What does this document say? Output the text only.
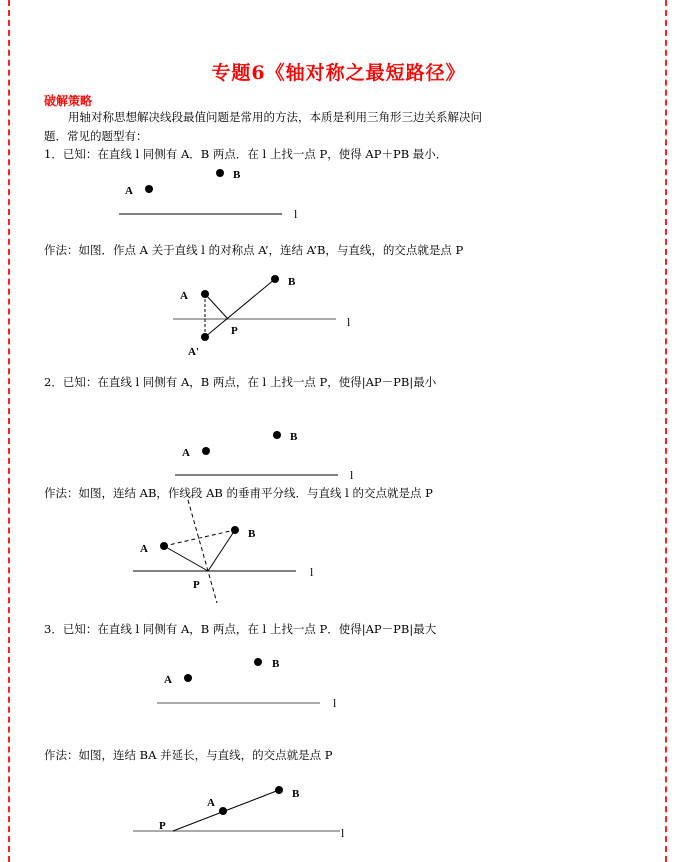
专题6《轴对称之最短路径》
破解策略
用轴对称思想解决线段最值问题是常用的方法，本质是利用三角形三边关系解决问
题．常见的题型有：
1．已知：在直线 l 同侧有 A．B 两点．在 l 上找一点 P，使得 AP＋PB 最小．
A
B
l
A
B
P
A'
l
A
B
l
A
B
P
l
A
B
l
A
B
P	l
作法：如图．作点 A 关于直线 l 的对称点 A’，连结 A’B，与直线，的交点就是点 P
2．已知：在直线 l 同侧有 A，B 两点，在 l 上找一点 P，使得|AP－PB|最小
作法：如图，连结 AB，作线段 AB 的垂甫平分线．与直线 l 的交点就是点 P
3．已知：在直线 l 同侧有 A，B 两点，在 l 上找一点 P．使得|AP－PB|最大
作法：如图，连结 BA 并延长，与直线，的交点就是点 P
